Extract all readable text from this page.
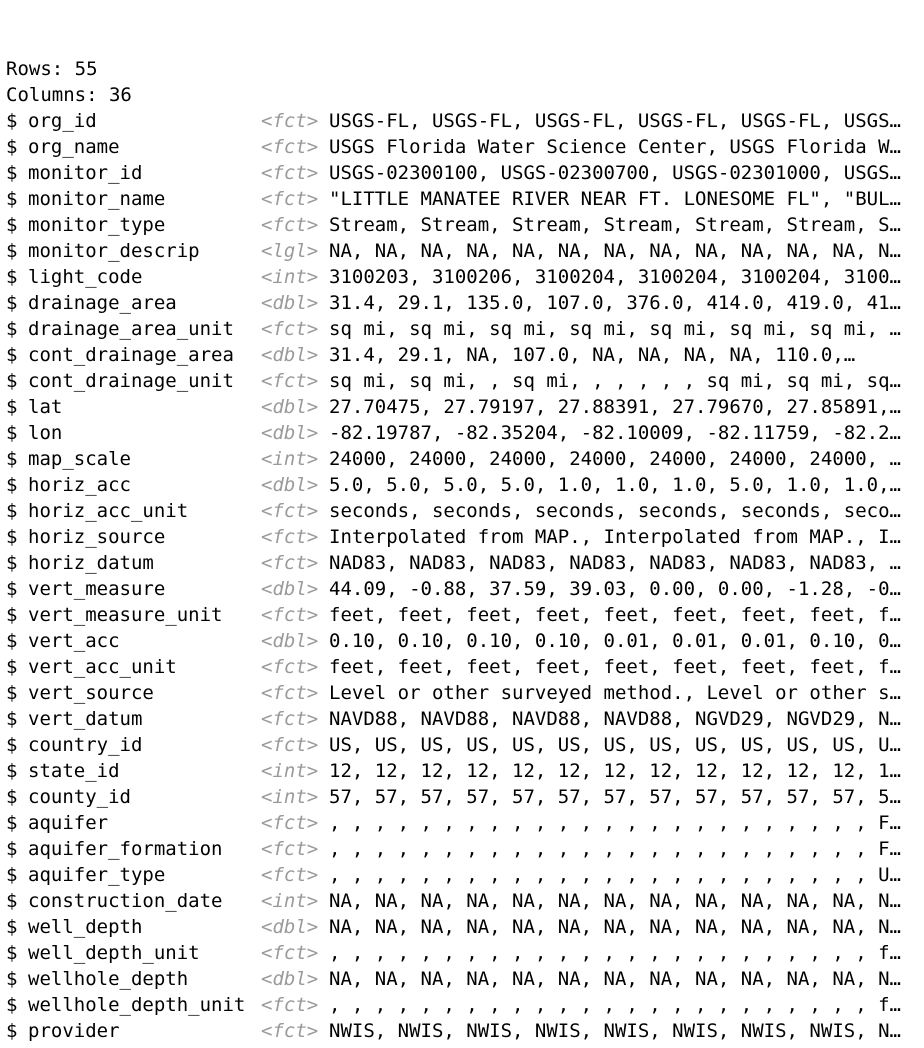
Rows: 55
Columns: 36
$ org_id	<fct> USGS-FL, USGS-FL, USGS-FL, USGS-FL, USGS-FL, USGS…
$ org_name	<fct> USGS Florida Water Science Center, USGS Florida W…
$ monitor_id	<fct> USGS-02300100, USGS-02300700, USGS-02301000, USGS…
$ monitor_name	<fct> "LITTLE MANATEE RIVER NEAR FT. LONESOME FL", "BUL…
$ monitor_type	<fct> Stream, Stream, Stream, Stream, Stream, Stream, S…
$ monitor_descrip	<lgl> NA, NA, NA, NA, NA, NA, NA, NA, NA, NA, NA, NA, N…
$ light_code	<int> 3100203, 3100206, 3100204, 3100204, 3100204, 3100…
$ drainage_area	<dbl> 31.4, 29.1, 135.0, 107.0, 376.0, 414.0, 419.0, 41…
$ drainage_area_unit	<fct> sq mi, sq mi, sq mi, sq mi, sq mi, sq mi, sq mi, …
$ cont_drainage_area	<dbl> 31.4, 29.1, NA, 107.0, NA, NA, NA, NA, 110.0,…
$ cont_drainage_unit	<fct> sq mi, sq mi, , sq mi, , , , , , sq mi, sq mi, sq…
$ lat	<dbl> 27.70475, 27.79197, 27.88391, 27.79670, 27.85891,…
$ lon	<dbl> -82.19787, -82.35204, -82.10009, -82.11759, -82.2…
$ map_scale	<int> 24000, 24000, 24000, 24000, 24000, 24000, 24000, …
$ horiz_acc	<dbl> 5.0, 5.0, 5.0, 5.0, 1.0, 1.0, 1.0, 5.0, 1.0, 1.0,…
$ horiz_acc_unit	<fct> seconds, seconds, seconds, seconds, seconds, seco…
$ horiz_source	<fct> Interpolated from MAP., Interpolated from MAP., I…
$ horiz_datum	<fct> NAD83, NAD83, NAD83, NAD83, NAD83, NAD83, NAD83, …
$ vert_measure	<dbl> 44.09, -0.88, 37.59, 39.03, 0.00, 0.00, -1.28, -0…
$ vert_measure_unit	<fct> feet, feet, feet, feet, feet, feet, feet, feet, f…
$ vert_acc	<dbl> 0.10, 0.10, 0.10, 0.10, 0.01, 0.01, 0.01, 0.10, 0…
$ vert_acc_unit	<fct> feet, feet, feet, feet, feet, feet, feet, feet, f…
$ vert_source	<fct> Level or other surveyed method., Level or other s…
$ vert_datum	<fct> NAVD88, NAVD88, NAVD88, NAVD88, NGVD29, NGVD29, N…
$ country_id	<fct> US, US, US, US, US, US, US, US, US, US, US, US, U…
$ state_id	<int> 12, 12, 12, 12, 12, 12, 12, 12, 12, 12, 12, 12, 1…
$ county_id	<int> 57, 57, 57, 57, 57, 57, 57, 57, 57, 57, 57, 57, 5…
$ aquifer	<fct> , , , , , , , , , , , , , , , , , , , , , , , , F…
$ aquifer_formation	<fct> , , , , , , , , , , , , , , , , , , , , , , , , F…
$ aquifer_type	<fct> , , , , , , , , , , , , , , , , , , , , , , , , U…
$ construction_date	<int> NA, NA, NA, NA, NA, NA, NA, NA, NA, NA, NA, NA, N…
$ well_depth	<dbl> NA, NA, NA, NA, NA, NA, NA, NA, NA, NA, NA, NA, N…
$ well_depth_unit	<fct> , , , , , , , , , , , , , , , , , , , , , , , , f…
$ wellhole_depth	<dbl> NA, NA, NA, NA, NA, NA, NA, NA, NA, NA, NA, NA, N…
$ wellhole_depth_unit <fct> , , , , , , , , , , , , , , , , , , , , , , , , f…
$ provider	<fct> NWIS, NWIS, NWIS, NWIS, NWIS, NWIS, NWIS, NWIS, N…
